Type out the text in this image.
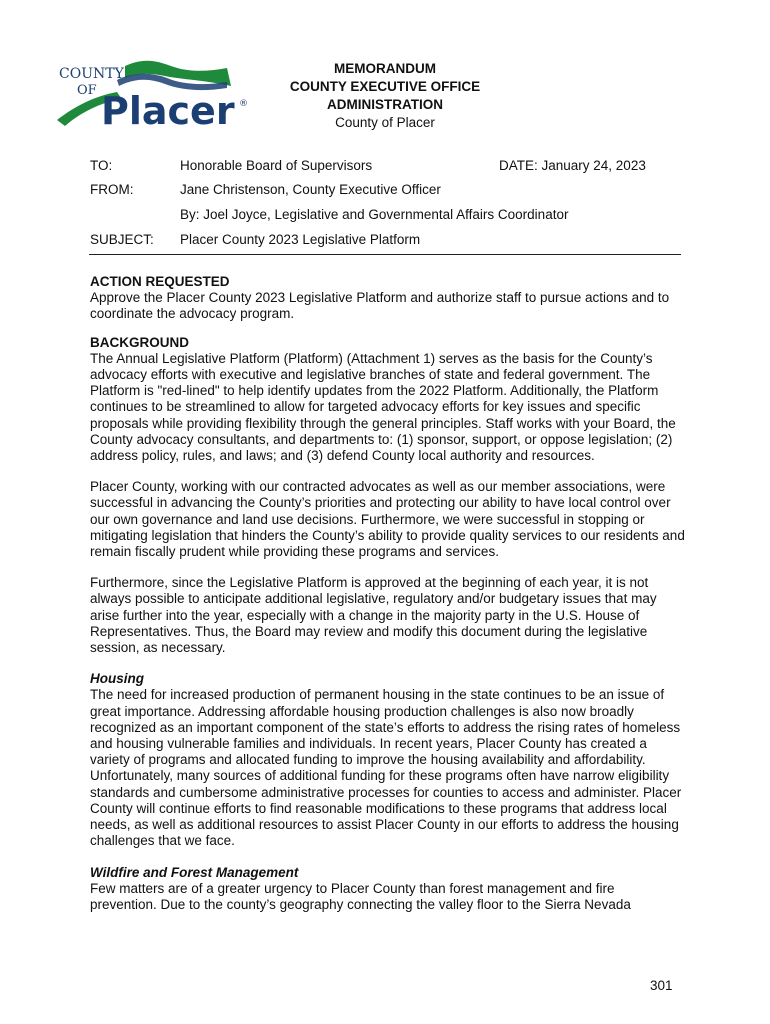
COUNTY
OF Placer ®
MEMORANDUM
COUNTY EXECUTIVE OFFICE
ADMINISTRATION
County of Placer
TO:	Honorable Board of Supervisors	DATE: January 24, 2023
FROM:	Jane Christenson, County Executive Officer
By: Joel Joyce, Legislative and Governmental Affairs Coordinator
SUBJECT: Placer County 2023 Legislative Platform
ACTION REQUESTED

Approve the Placer County 2023 Legislative Platform and authorize staff to pursue actions and to coordinate the advocacy program.

BACKGROUND

The Annual Legislative Platform (Platform) (Attachment 1) serves as the basis for the County’s advocacy efforts with executive and legislative branches of state and federal government. The Platform is "red-lined" to help identify updates from the 2022 Platform. Additionally, the Platform continues to be streamlined to allow for targeted advocacy efforts for key issues and specific proposals while providing flexibility through the general principles. Staff works with your Board, the County advocacy consultants, and departments to: (1) sponsor, support, or oppose legislation; (2) address policy, rules, and laws; and (3) defend County local authority and resources.

Placer County, working with our contracted advocates as well as our member associations, were successful in advancing the County’s priorities and protecting our ability to have local control over our own governance and land use decisions. Furthermore, we were successful in stopping or mitigating legislation that hinders the County’s ability to provide quality services to our residents and remain fiscally prudent while providing these programs and services.

Furthermore, since the Legislative Platform is approved at the beginning of each year, it is not always possible to anticipate additional legislative, regulatory and/or budgetary issues that may arise further into the year, especially with a change in the majority party in the U.S. House of Representatives. Thus, the Board may review and modify this document during the legislative session, as necessary.

Housing

The need for increased production of permanent housing in the state continues to be an issue of great importance. Addressing affordable housing production challenges is also now broadly recognized as an important component of the state’s efforts to address the rising rates of homeless and housing vulnerable families and individuals. In recent years, Placer County has created a variety of programs and allocated funding to improve the housing availability and affordability. Unfortunately, many sources of additional funding for these programs often have narrow eligibility standards and cumbersome administrative processes for counties to access and administer. Placer County will continue efforts to find reasonable modifications to these programs that address local needs, as well as additional resources to assist Placer County in our efforts to address the housing challenges that we face.

Wildfire and Forest Management

Few matters are of a greater urgency to Placer County than forest management and fire prevention. Due to the county’s geography connecting the valley floor to the Sierra Nevada

301
